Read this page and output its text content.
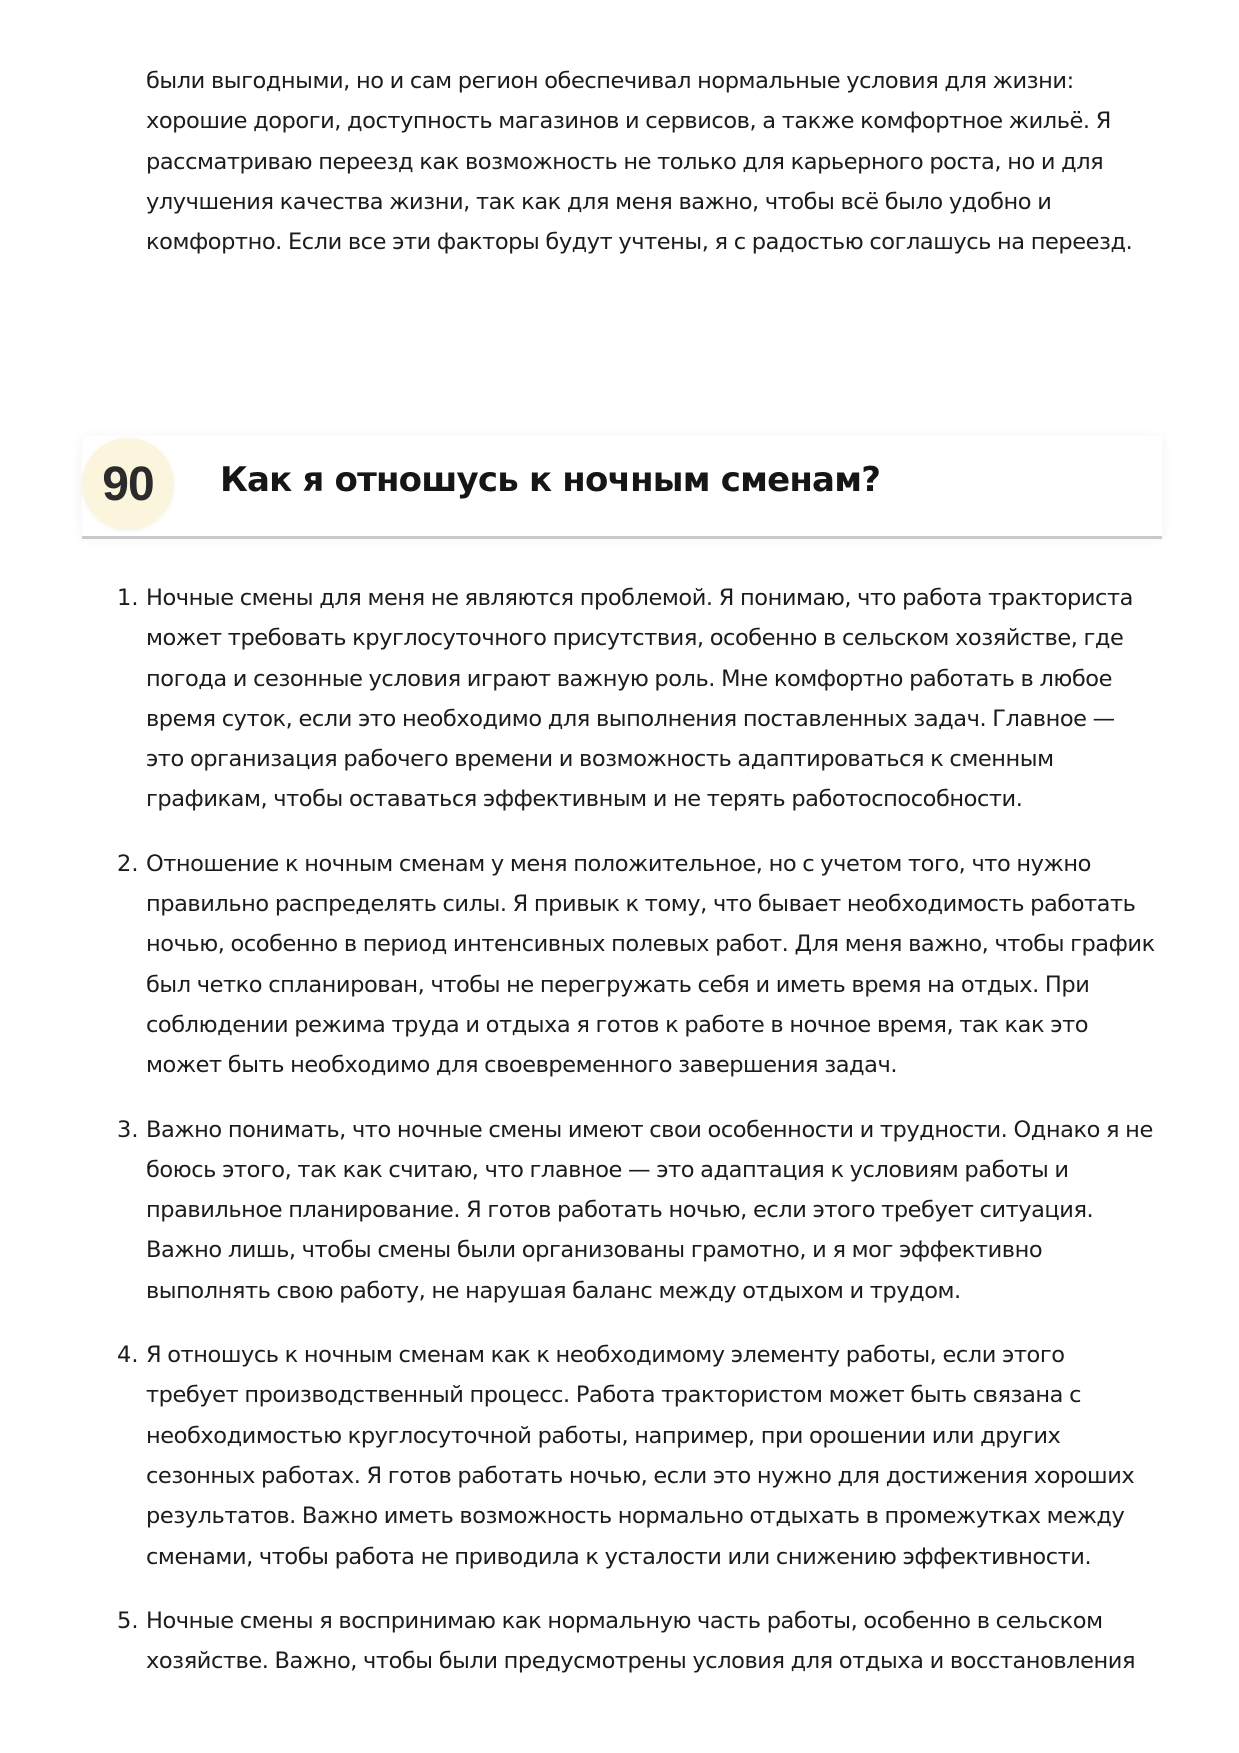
были выгодными, но и сам регион обеспечивал нормальные условия для жизни: хорошие дороги, доступность магазинов и сервисов, а также комфортное жильё. Я рассматриваю переезд как возможность не только для карьерного роста, но и для улучшения качества жизни, так как для меня важно, чтобы всё было удобно и комфортно. Если все эти факторы будут учтены, я с радостью соглашусь на переезд.

90	Как я отношусь к ночным сменам?
1. Ночные смены для меня не являются проблемой. Я понимаю, что работа тракториста может требовать круглосуточного присутствия, особенно в сельском хозяйстве, где погода и сезонные условия играют важную роль. Мне комфортно работать в любое время суток, если это необходимо для выполнения поставленных задач. Главное — это организация рабочего времени и возможность адаптироваться к сменным графикам, чтобы оставаться эффективным и не терять работоспособности.

2. Отношение к ночным сменам у меня положительное, но с учетом того, что нужно правильно распределять силы. Я привык к тому, что бывает необходимость работать ночью, особенно в период интенсивных полевых работ. Для меня важно, чтобы график был четко спланирован, чтобы не перегружать себя и иметь время на отдых. При соблюдении режима труда и отдыха я готов к работе в ночное время, так как это может быть необходимо для своевременного завершения задач.

3. Важно понимать, что ночные смены имеют свои особенности и трудности. Однако я не боюсь этого, так как считаю, что главное — это адаптация к условиям работы и правильное планирование. Я готов работать ночью, если этого требует ситуация. Важно лишь, чтобы смены были организованы грамотно, и я мог эффективно выполнять свою работу, не нарушая баланс между отдыхом и трудом.

4. Я отношусь к ночным сменам как к необходимому элементу работы, если этого требует производственный процесс. Работа трактористом может быть связана с необходимостью круглосуточной работы, например, при орошении или других сезонных работах. Я готов работать ночью, если это нужно для достижения хороших результатов. Важно иметь возможность нормально отдыхать в промежутках между сменами, чтобы работа не приводила к усталости или снижению эффективности.

5. Ночные смены я воспринимаю как нормальную часть работы, особенно в сельском хозяйстве. Важно, чтобы были предусмотрены условия для отдыха и восстановления
